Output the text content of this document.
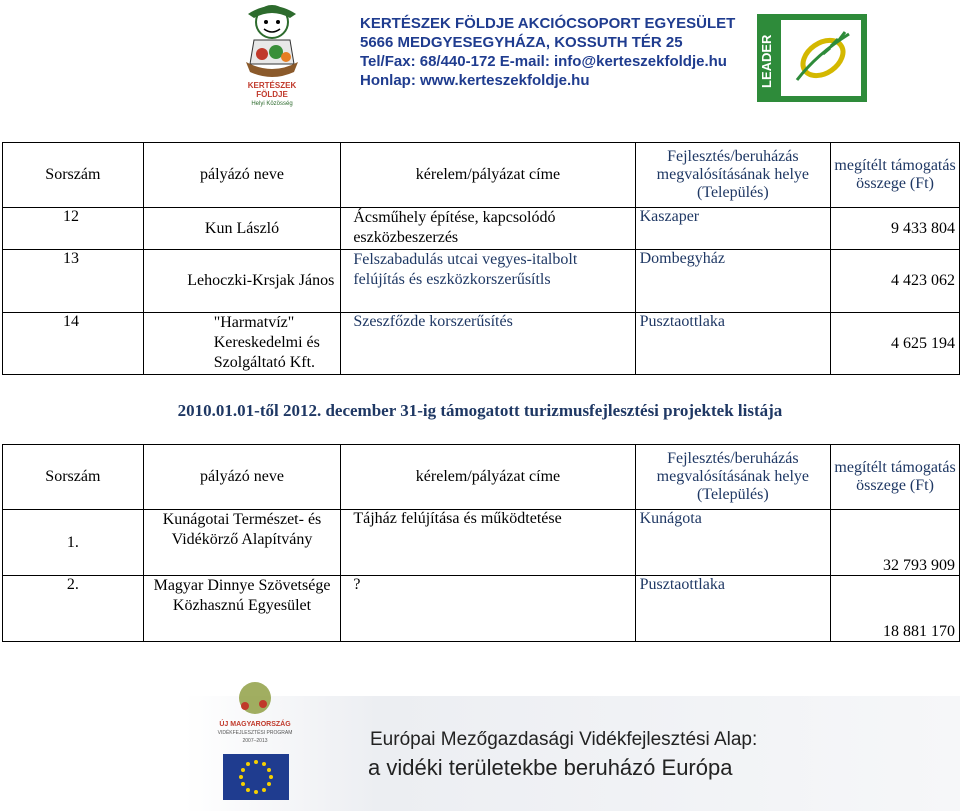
KERTÉSZEK
FÖLDJE
Helyi Közösség
KERTÉSZEK FÖLDJE AKCIÓCSOPORT EGYESÜLET
5666 MEDGYESEGYHÁZA, KOSSUTH TÉR 25
Tel/Fax: 68/440-172 E-mail: info@kerteszekfoldje.hu
Honlap: www.kerteszekfoldje.hu	LEADER
Sorszám	pályázó neve	kérelem/pályázat címe	Fejlesztés/beruházás megvalósításának helye (Település)	megítélt támogatás összege (Ft)
12	Kun László	Ácsműhely építése, kapcsolódó eszközbeszerzés	Kaszaper	9 433 804
13	Lehoczki-Krsjak János	Felszabadulás utcai vegyes-italbolt felújítás és eszközkorszerűsítls	Dombegyház	4 423 062
14	"Harmatvíz" Kereskedelmi és Szolgáltató Kft.	Szeszfőzde korszerűsítés	Pusztaottlaka	4 625 194
2010.01.01-től 2012. december 31-ig támogatott turizmusfejlesztési projektek listája
Sorszám	pályázó neve	kérelem/pályázat címe	Fejlesztés/beruházás megvalósításának helye (Település)	megítélt támogatás összege (Ft)
1.	Kunágotai Természet- és Vidékörző Alapítvány	Tájház felújítása és működtetése	Kunágota	32 793 909
2.	Magyar Dinnye Szövetsége Közhasznú Egyesület	?	Pusztaottlaka	18 881 170
ÚJ MAGYARORSZÁG
VIDÉKFEJLESZTÉSI PROGRAM
2007–2013	Európai Mezőgazdasági Vidékfejlesztési Alap:
a vidéki területekbe beruházó Európa
